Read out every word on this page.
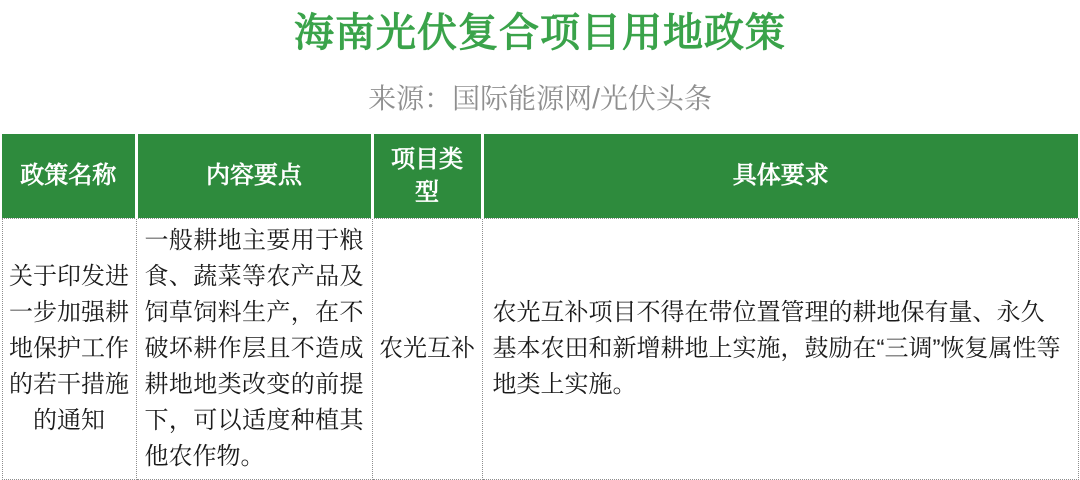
海南光伏复合项目用地政策
来源：国际能源网/光伏头条
政策名称	内容要点	项目类型	具体要求
关于印发进一步加强耕地保护工作的若干措施的通知	一般耕地主要用于粮食、蔬菜等农产品及饲草饲料生产，在不破坏耕作层且不造成耕地地类改变的前提下，可以适度种植其他农作物。	农光互补	农光互补项目不得在带位置管理的耕地保有量、永久基本农田和新增耕地上实施，鼓励在“三调”恢复属性等地类上实施。
